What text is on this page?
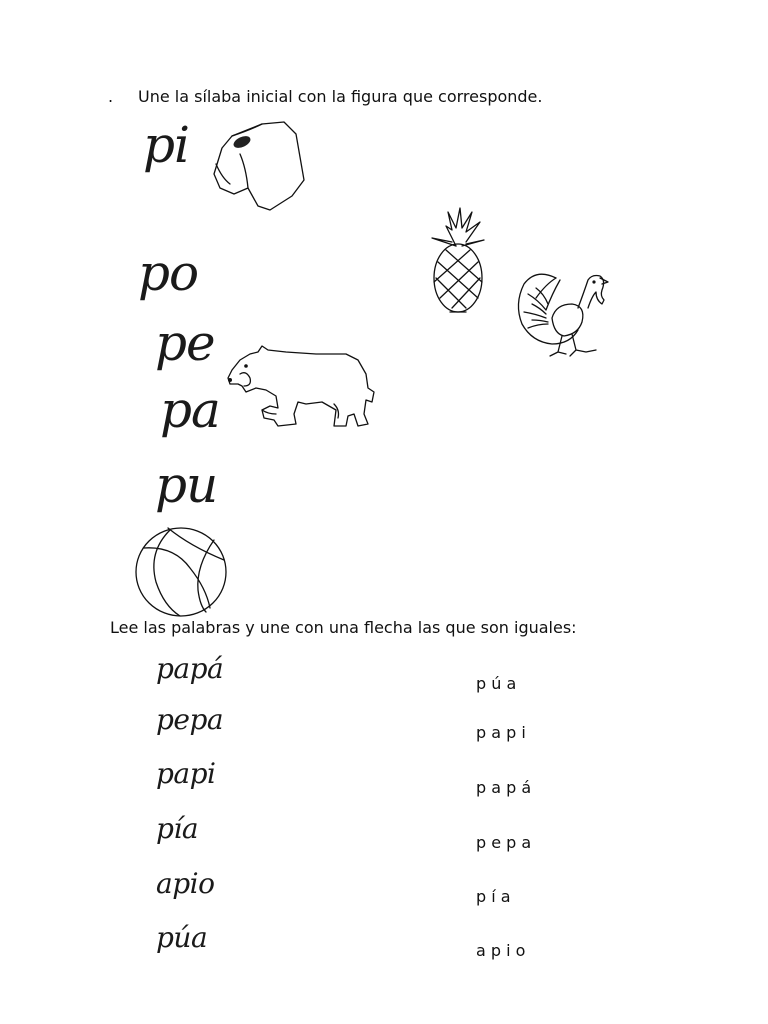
. Une la sílaba inicial con la figura que corresponde.
pi
po
pe
pa
pu
Lee las palabras y une con una flecha las que son iguales:
papá
pepa
papi
pía
apio
púa
p ú a
p a p i
p a p á
p e p a
p í a
a p i o
